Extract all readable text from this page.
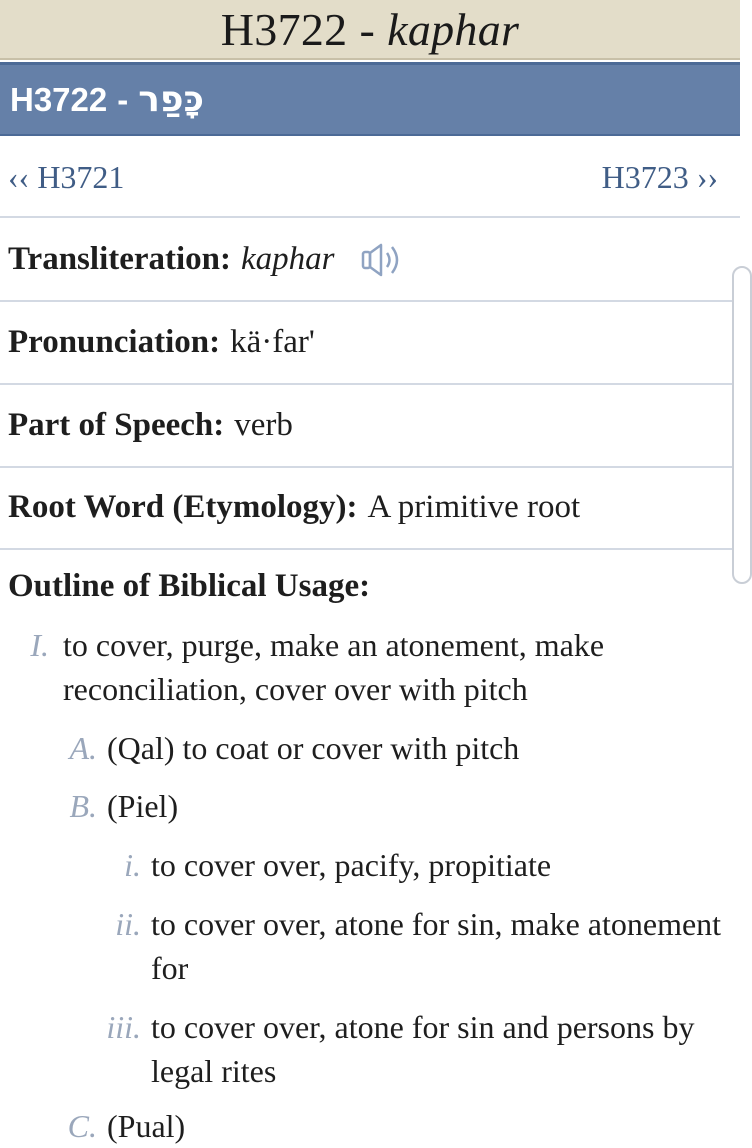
H3722 - kaphar
H3722 - כָּפַר
‹‹ H3721	H3723 ››
Transliteration: kaphar
Pronunciation: kä·far'
Part of Speech: verb
Root Word (Etymology): A primitive root
Outline of Biblical Usage:
I. to cover, purge, make an atonement, make reconciliation, cover over with pitch
A. (Qal) to coat or cover with pitch
B. (Piel)
i. to cover over, pacify, propitiate
ii. to cover over, atone for sin, make atonement for
iii. to cover over, atone for sin and persons by legal rites
C. (Pual)
